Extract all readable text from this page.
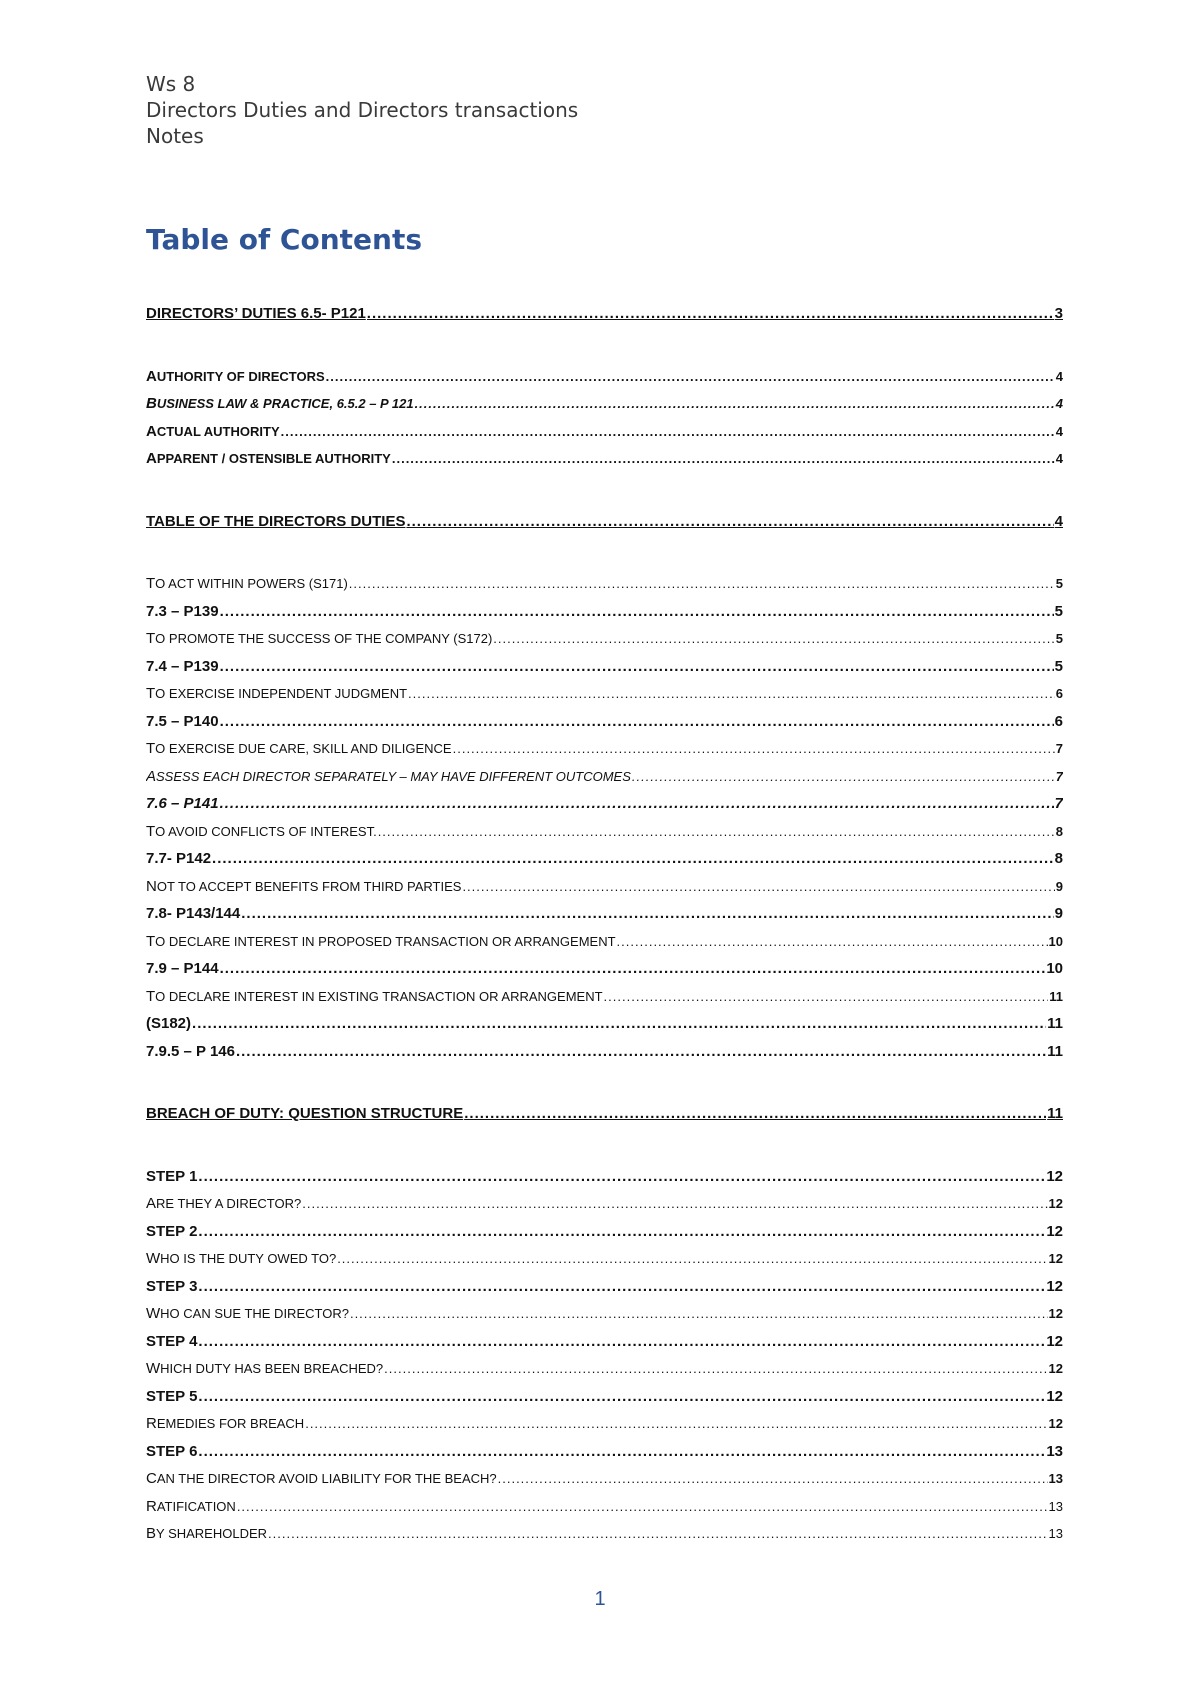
Ws 8
Directors Duties and Directors transactions
Notes
Table of Contents
DIRECTORS’ DUTIES 6.5- P121 .....	3
AUTHORITY OF DIRECTORS .....	4
BUSINESS LAW & PRACTICE, 6.5.2 – P 121 .....	4
ACTUAL AUTHORITY .....	4
APPARENT / OSTENSIBLE AUTHORITY .....	4
TABLE OF THE DIRECTORS DUTIES .....	4
TO ACT WITHIN POWERS (S171) .....	5
7.3 – P139 .....	5
TO PROMOTE THE SUCCESS OF THE COMPANY (S172) .....	5
7.4 – P139 .....	5
TO EXERCISE INDEPENDENT JUDGMENT .....	6
7.5 – P140 .....	6
TO EXERCISE DUE CARE, SKILL AND DILIGENCE .....	7
ASSESS EACH DIRECTOR SEPARATELY – MAY HAVE DIFFERENT OUTCOMES .....	7
7.6 – P141 .....	7
TO AVOID CONFLICTS OF INTEREST. .....	8
7.7- P142 .....	8
NOT TO ACCEPT BENEFITS FROM THIRD PARTIES .....	9
7.8- P143/144 .....	9
TO DECLARE INTEREST IN PROPOSED TRANSACTION OR ARRANGEMENT .....	10
7.9 – P144 .....	10
TO DECLARE INTEREST IN EXISTING TRANSACTION OR ARRANGEMENT .....	11
(S182) .....	11
7.9.5 – P 146 .....	11
BREACH OF DUTY: QUESTION STRUCTURE .....	11
STEP 1 .....	12
ARE THEY A DIRECTOR? .....	12
STEP 2 .....	12
WHO IS THE DUTY OWED TO? .....	12
STEP 3 .....	12
WHO CAN SUE THE DIRECTOR? .....	12
STEP 4 .....	12
WHICH DUTY HAS BEEN BREACHED? .....	12
STEP 5 .....	12
REMEDIES FOR BREACH .....	12
STEP 6 .....	13
CAN THE DIRECTOR AVOID LIABILITY FOR THE BEACH? .....	13
RATIFICATION .....	13
BY SHAREHOLDER .....	13
1
